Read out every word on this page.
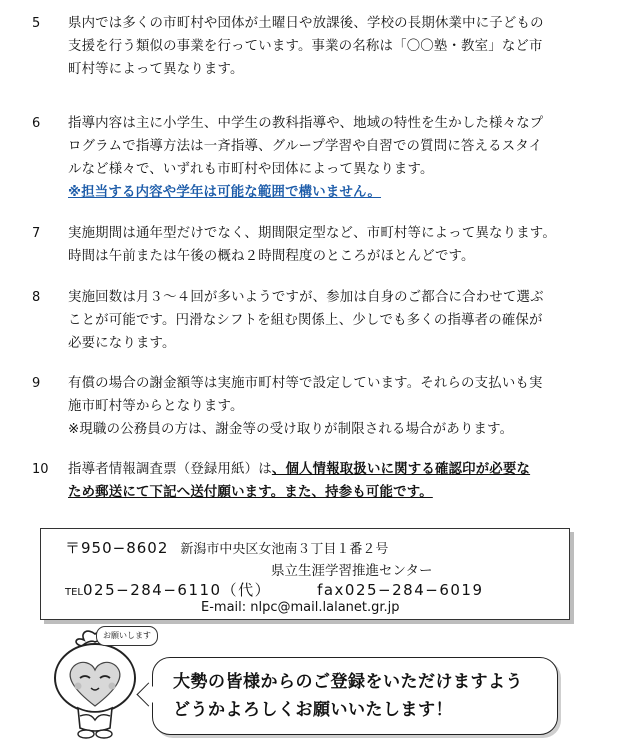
5	県内では多くの市町村や団体が土曜日や放課後、学校の長期休業中に子どもの
支援を行う類似の事業を行っています。事業の名称は「〇〇塾・教室」など市
町村等によって異なります。
6	指導内容は主に小学生、中学生の教科指導や、地域の特性を生かした様々なプ
ログラムで指導方法は一斉指導、グループ学習や自習での質問に答えるスタイ
ルなど様々で、いずれも市町村や団体によって異なります。
※担当する内容や学年は可能な範囲で構いません。
7	実施期間は通年型だけでなく、期間限定型など、市町村等によって異なります。
時間は午前または午後の概ね２時間程度のところがほとんどです。
8	実施回数は月３～４回が多いようですが、参加は自身のご都合に合わせて選ぶ
ことが可能です。円滑なシフトを組む関係上、少しでも多くの指導者の確保が
必要になります。
9	有償の場合の謝金額等は実施市町村等で設定しています。それらの支払いも実
施市町村等からとなります。
※現職の公務員の方は、謝金等の受け取りが制限される場合があります。
10	指導者情報調査票（登録用紙）は、個人情報取扱いに関する確認印が必要な
ため郵送にて下記へ送付願います。また、持参も可能です。
〒950−8602 新潟市中央区女池南３丁目１番２号
県立生涯学習推進センター
TEL025−284−6110（代）	fax025−284−6019
E-mail: nlpc@mail.lalanet.gr.jp
お願いします
大勢の皆様からのご登録をいただけますよう
どうかよろしくお願いいたします！
